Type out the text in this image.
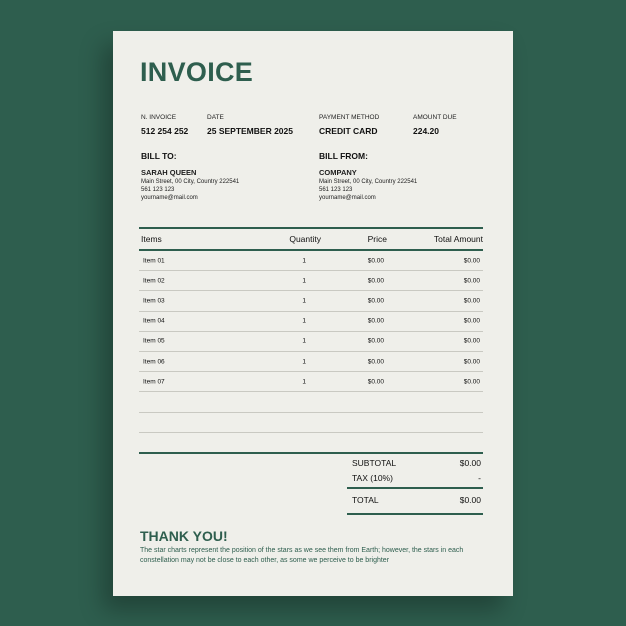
INVOICE
N. INVOICE
512 254 252
DATE
25 SEPTEMBER 2025
PAYMENT METHOD
CREDIT CARD
AMOUNT DUE
224.20
BILL TO:
SARAH QUEEN
Main Street, 00 City, Country 222541
561 123 123
yourname@mail.com
BILL FROM:
COMPANY
Main Street, 00 City, Country 222541
561 123 123
yourname@mail.com
Items	Quantity	Price	Total Amount
Item 01	1	$0.00	$0.00
Item 02	1	$0.00	$0.00
Item 03	1	$0.00	$0.00
Item 04	1	$0.00	$0.00
Item 05	1	$0.00	$0.00
Item 06	1	$0.00	$0.00
Item 07	1	$0.00	$0.00
SUBTOTAL	$0.00
TAX (10%)	-
TOTAL	$0.00
THANK YOU!
The star charts represent the position of the stars as we see them from Earth; however, the stars in each constellation may not be close to each other, as some we perceive to be brighter
